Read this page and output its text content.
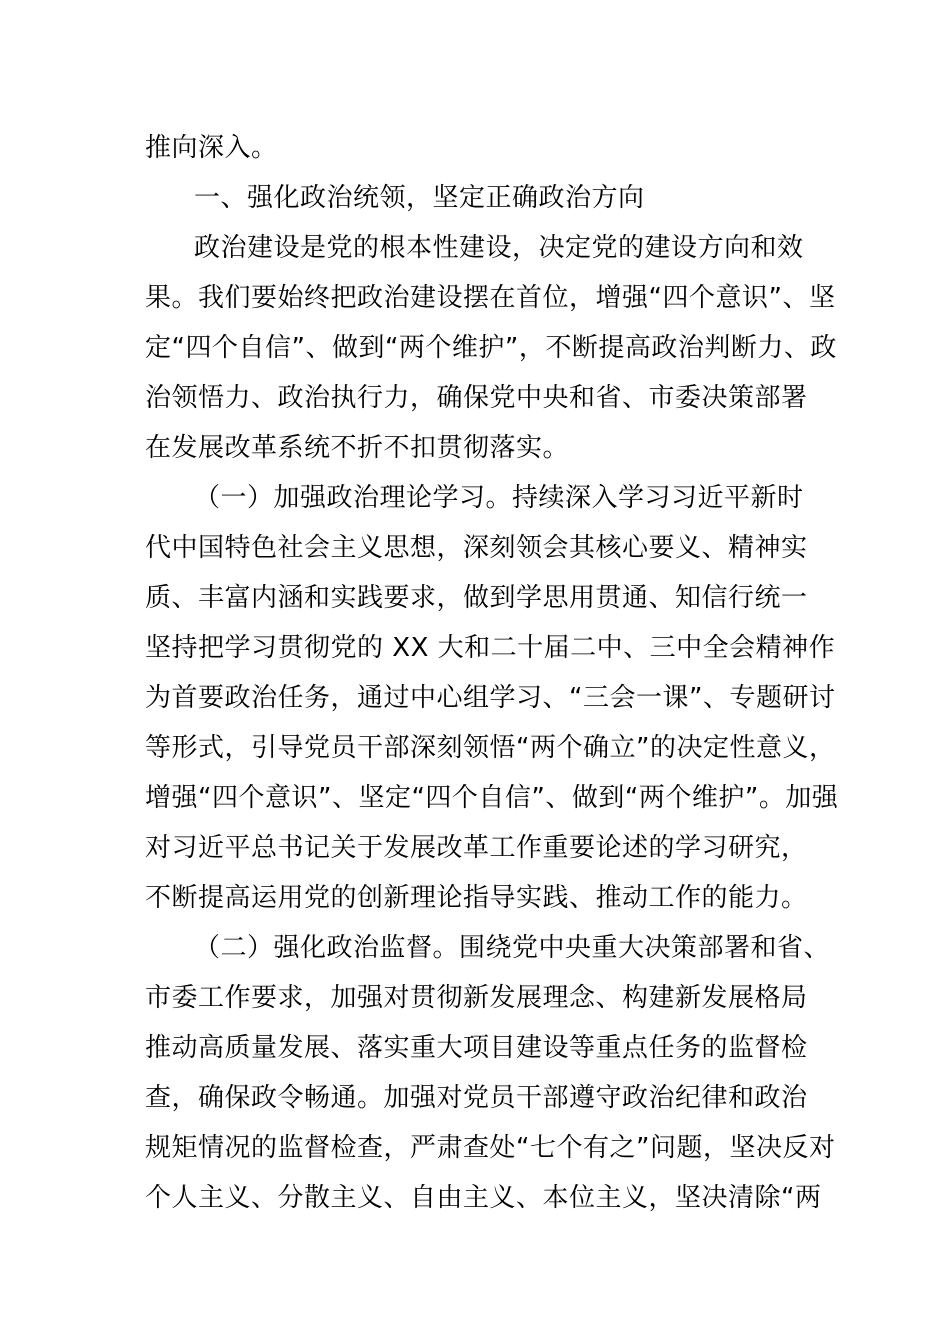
推向深入。
一、强化政治统领，坚定正确政治方向
政治建设是党的根本性建设，决定党的建设方向和效
果。我们要始终把政治建设摆在首位，增强“四个意识”、坚
定“四个自信”、做到“两个维护”，不断提高政治判断力、政
治领悟力、政治执行力，确保党中央和省、市委决策部署
在发展改革系统不折不扣贯彻落实。
（一）加强政治理论学习。持续深入学习习近平新时
代中国特色社会主义思想，深刻领会其核心要义、精神实
质、丰富内涵和实践要求，做到学思用贯通、知信行统一
坚持把学习贯彻党的 XX 大和二十届二中、三中全会精神作
为首要政治任务，通过中心组学习、“三会一课”、专题研讨
等形式，引导党员干部深刻领悟“两个确立”的决定性意义，
增强“四个意识”、坚定“四个自信”、做到“两个维护”。加强
对习近平总书记关于发展改革工作重要论述的学习研究，
不断提高运用党的创新理论指导实践、推动工作的能力。
（二）强化政治监督。围绕党中央重大决策部署和省、
市委工作要求，加强对贯彻新发展理念、构建新发展格局
推动高质量发展、落实重大项目建设等重点任务的监督检
查，确保政令畅通。加强对党员干部遵守政治纪律和政治
规矩情况的监督检查，严肃查处“七个有之”问题，坚决反对
个人主义、分散主义、自由主义、本位主义，坚决清除“两
